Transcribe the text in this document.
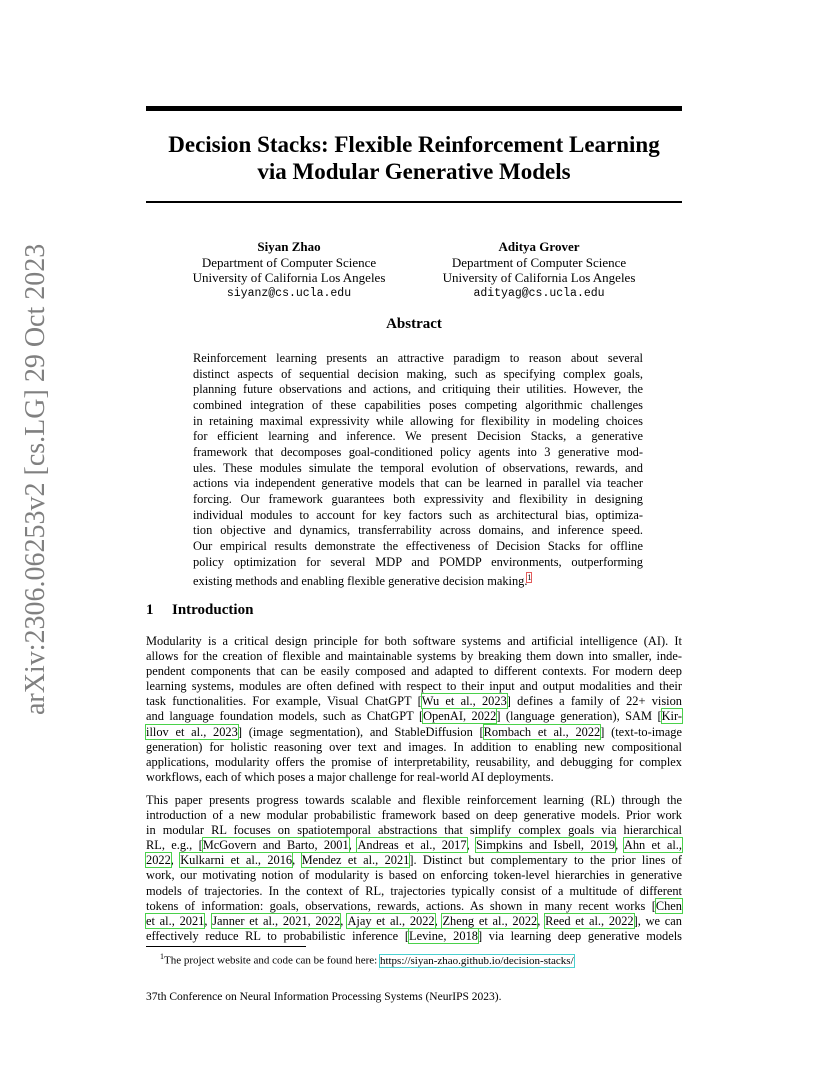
arXiv:2306.06253v2 [cs.LG] 29 Oct 2023
Decision Stacks: Flexible Reinforcement Learning
via Modular Generative Models
Siyan Zhao
Department of Computer Science
University of California Los Angeles
siyanz@cs.ucla.edu
Aditya Grover
Department of Computer Science
University of California Los Angeles
adityag@cs.ucla.edu
Abstract
Reinforcement learning presents an attractive paradigm to reason about several
distinct aspects of sequential decision making, such as specifying complex goals,
planning future observations and actions, and critiquing their utilities. However, the
combined integration of these capabilities poses competing algorithmic challenges
in retaining maximal expressivity while allowing for flexibility in modeling choices
for efficient learning and inference. We present Decision Stacks, a generative
framework that decomposes goal-conditioned policy agents into 3 generative mod-
ules. These modules simulate the temporal evolution of observations, rewards, and
actions via independent generative models that can be learned in parallel via teacher
forcing. Our framework guarantees both expressivity and flexibility in designing
individual modules to account for key factors such as architectural bias, optimiza-
tion objective and dynamics, transferrability across domains, and inference speed.
Our empirical results demonstrate the effectiveness of Decision Stacks for offline
policy optimization for several MDP and POMDP environments, outperforming
existing methods and enabling flexible generative decision making.$^1$
1 Introduction
Modularity is a critical design principle for both software systems and artificial intelligence (AI). It
allows for the creation of flexible and maintainable systems by breaking them down into smaller, inde-
pendent components that can be easily composed and adapted to different contexts. For modern deep
learning systems, modules are often defined with respect to their input and output modalities and their
task functionalities. For example, Visual ChatGPT [Wu et al., 2023] defines a family of 22+ vision
and language foundation models, such as ChatGPT [OpenAI, 2022] (language generation), SAM [Kir-
illov et al., 2023] (image segmentation), and StableDiffusion [Rombach et al., 2022] (text-to-image
generation) for holistic reasoning over text and images. In addition to enabling new compositional
applications, modularity offers the promise of interpretability, reusability, and debugging for complex
workflows, each of which poses a major challenge for real-world AI deployments.
This paper presents progress towards scalable and flexible reinforcement learning (RL) through the
introduction of a new modular probabilistic framework based on deep generative models. Prior work
in modular RL focuses on spatiotemporal abstractions that simplify complex goals via hierarchical
RL, e.g., [McGovern and Barto, 2001, Andreas et al., 2017, Simpkins and Isbell, 2019, Ahn et al.,
2022, Kulkarni et al., 2016, Mendez et al., 2021]. Distinct but complementary to the prior lines of
work, our motivating notion of modularity is based on enforcing token-level hierarchies in generative
models of trajectories. In the context of RL, trajectories typically consist of a multitude of different
tokens of information: goals, observations, rewards, actions. As shown in many recent works [Chen
et al., 2021, Janner et al., 2021, 2022, Ajay et al., 2022, Zheng et al., 2022, Reed et al., 2022], we can
effectively reduce RL to probabilistic inference [Levine, 2018] via learning deep generative models
$^1$The project website and code can be found here: https://siyan-zhao.github.io/decision-stacks/
37th Conference on Neural Information Processing Systems (NeurIPS 2023).
